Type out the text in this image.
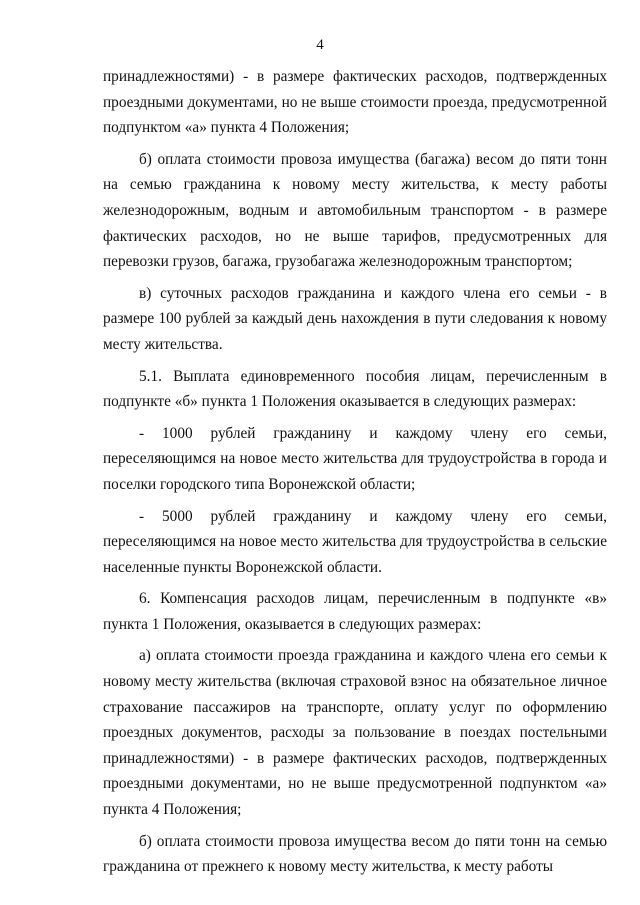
4

принадлежностями) - в размере фактических расходов, подтвержденных проездными документами, но не выше стоимости проезда, предусмотренной подпунктом «а» пункта 4 Положения;

б) оплата стоимости провоза имущества (багажа) весом до пяти тонн на семью гражданина к новому месту жительства, к месту работы железнодорожным, водным и автомобильным транспортом - в размере фактических расходов, но не выше тарифов, предусмотренных для перевозки грузов, багажа, грузобагажа железнодорожным транспортом;

в) суточных расходов гражданина и каждого члена его семьи - в размере 100 рублей за каждый день нахождения в пути следования к новому месту жительства.

5.1. Выплата единовременного пособия лицам, перечисленным в подпункте «б» пункта 1 Положения оказывается в следующих размерах:

- 1000 рублей гражданину и каждому члену его семьи, переселяющимся на новое место жительства для трудоустройства в города и поселки городского типа Воронежской области;

- 5000 рублей гражданину и каждому члену его семьи, переселяющимся на новое место жительства для трудоустройства в сельские населенные пункты Воронежской области.

6. Компенсация расходов лицам, перечисленным в подпункте «в» пункта 1 Положения, оказывается в следующих размерах:

а) оплата стоимости проезда гражданина и каждого члена его семьи к новому месту жительства (включая страховой взнос на обязательное личное страхование пассажиров на транспорте, оплату услуг по оформлению проездных документов, расходы за пользование в поездах постельными принадлежностями) - в размере фактических расходов, подтвержденных проездными документами, но не выше предусмотренной подпунктом «а» пункта 4 Положения;

б) оплата стоимости провоза имущества весом до пяти тонн на семью гражданина от прежнего к новому месту жительства, к месту работы
